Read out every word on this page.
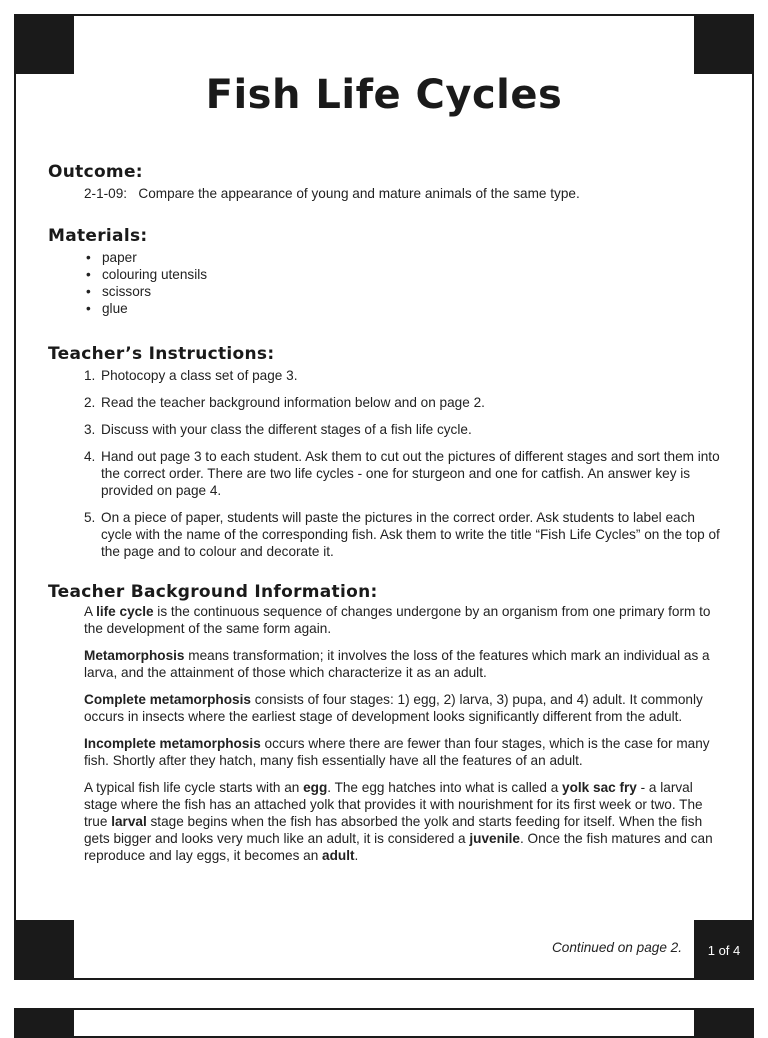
1 of 4
Fish Life Cycles
Outcome:
2-1-09: Compare the appearance of young and mature animals of the same type.
Materials:
• paper
• colouring utensils
• scissors
• glue
Teacher’s Instructions:
1. Photocopy a class set of page 3.
2. Read the teacher background information below and on page 2.
3. Discuss with your class the different stages of a fish life cycle.
4. Hand out page 3 to each student. Ask them to cut out the pictures of different stages and sort them into the correct order. There are two life cycles - one for sturgeon and one for catfish. An answer key is provided on page 4.
5. On a piece of paper, students will paste the pictures in the correct order. Ask students to label each cycle with the name of the corresponding fish. Ask them to write the title “Fish Life Cycles” on the top of the page and to colour and decorate it.
Teacher Background Information:

A life cycle is the continuous sequence of changes undergone by an organism from one primary form to the development of the same form again.

Metamorphosis means transformation; it involves the loss of the features which mark an individual as a larva, and the attainment of those which characterize it as an adult.

Complete metamorphosis consists of four stages: 1) egg, 2) larva, 3) pupa, and 4) adult. It commonly occurs in insects where the earliest stage of development looks significantly different from the adult.

Incomplete metamorphosis occurs where there are fewer than four stages, which is the case for many fish. Shortly after they hatch, many fish essentially have all the features of an adult.

A typical fish life cycle starts with an egg. The egg hatches into what is called a yolk sac fry - a larval stage where the fish has an attached yolk that provides it with nourishment for its first week or two. The true larval stage begins when the fish has absorbed the yolk and starts feeding for itself. When the fish gets bigger and looks very much like an adult, it is considered a juvenile. Once the fish matures and can reproduce and lay eggs, it becomes an adult.

Continued on page 2.
